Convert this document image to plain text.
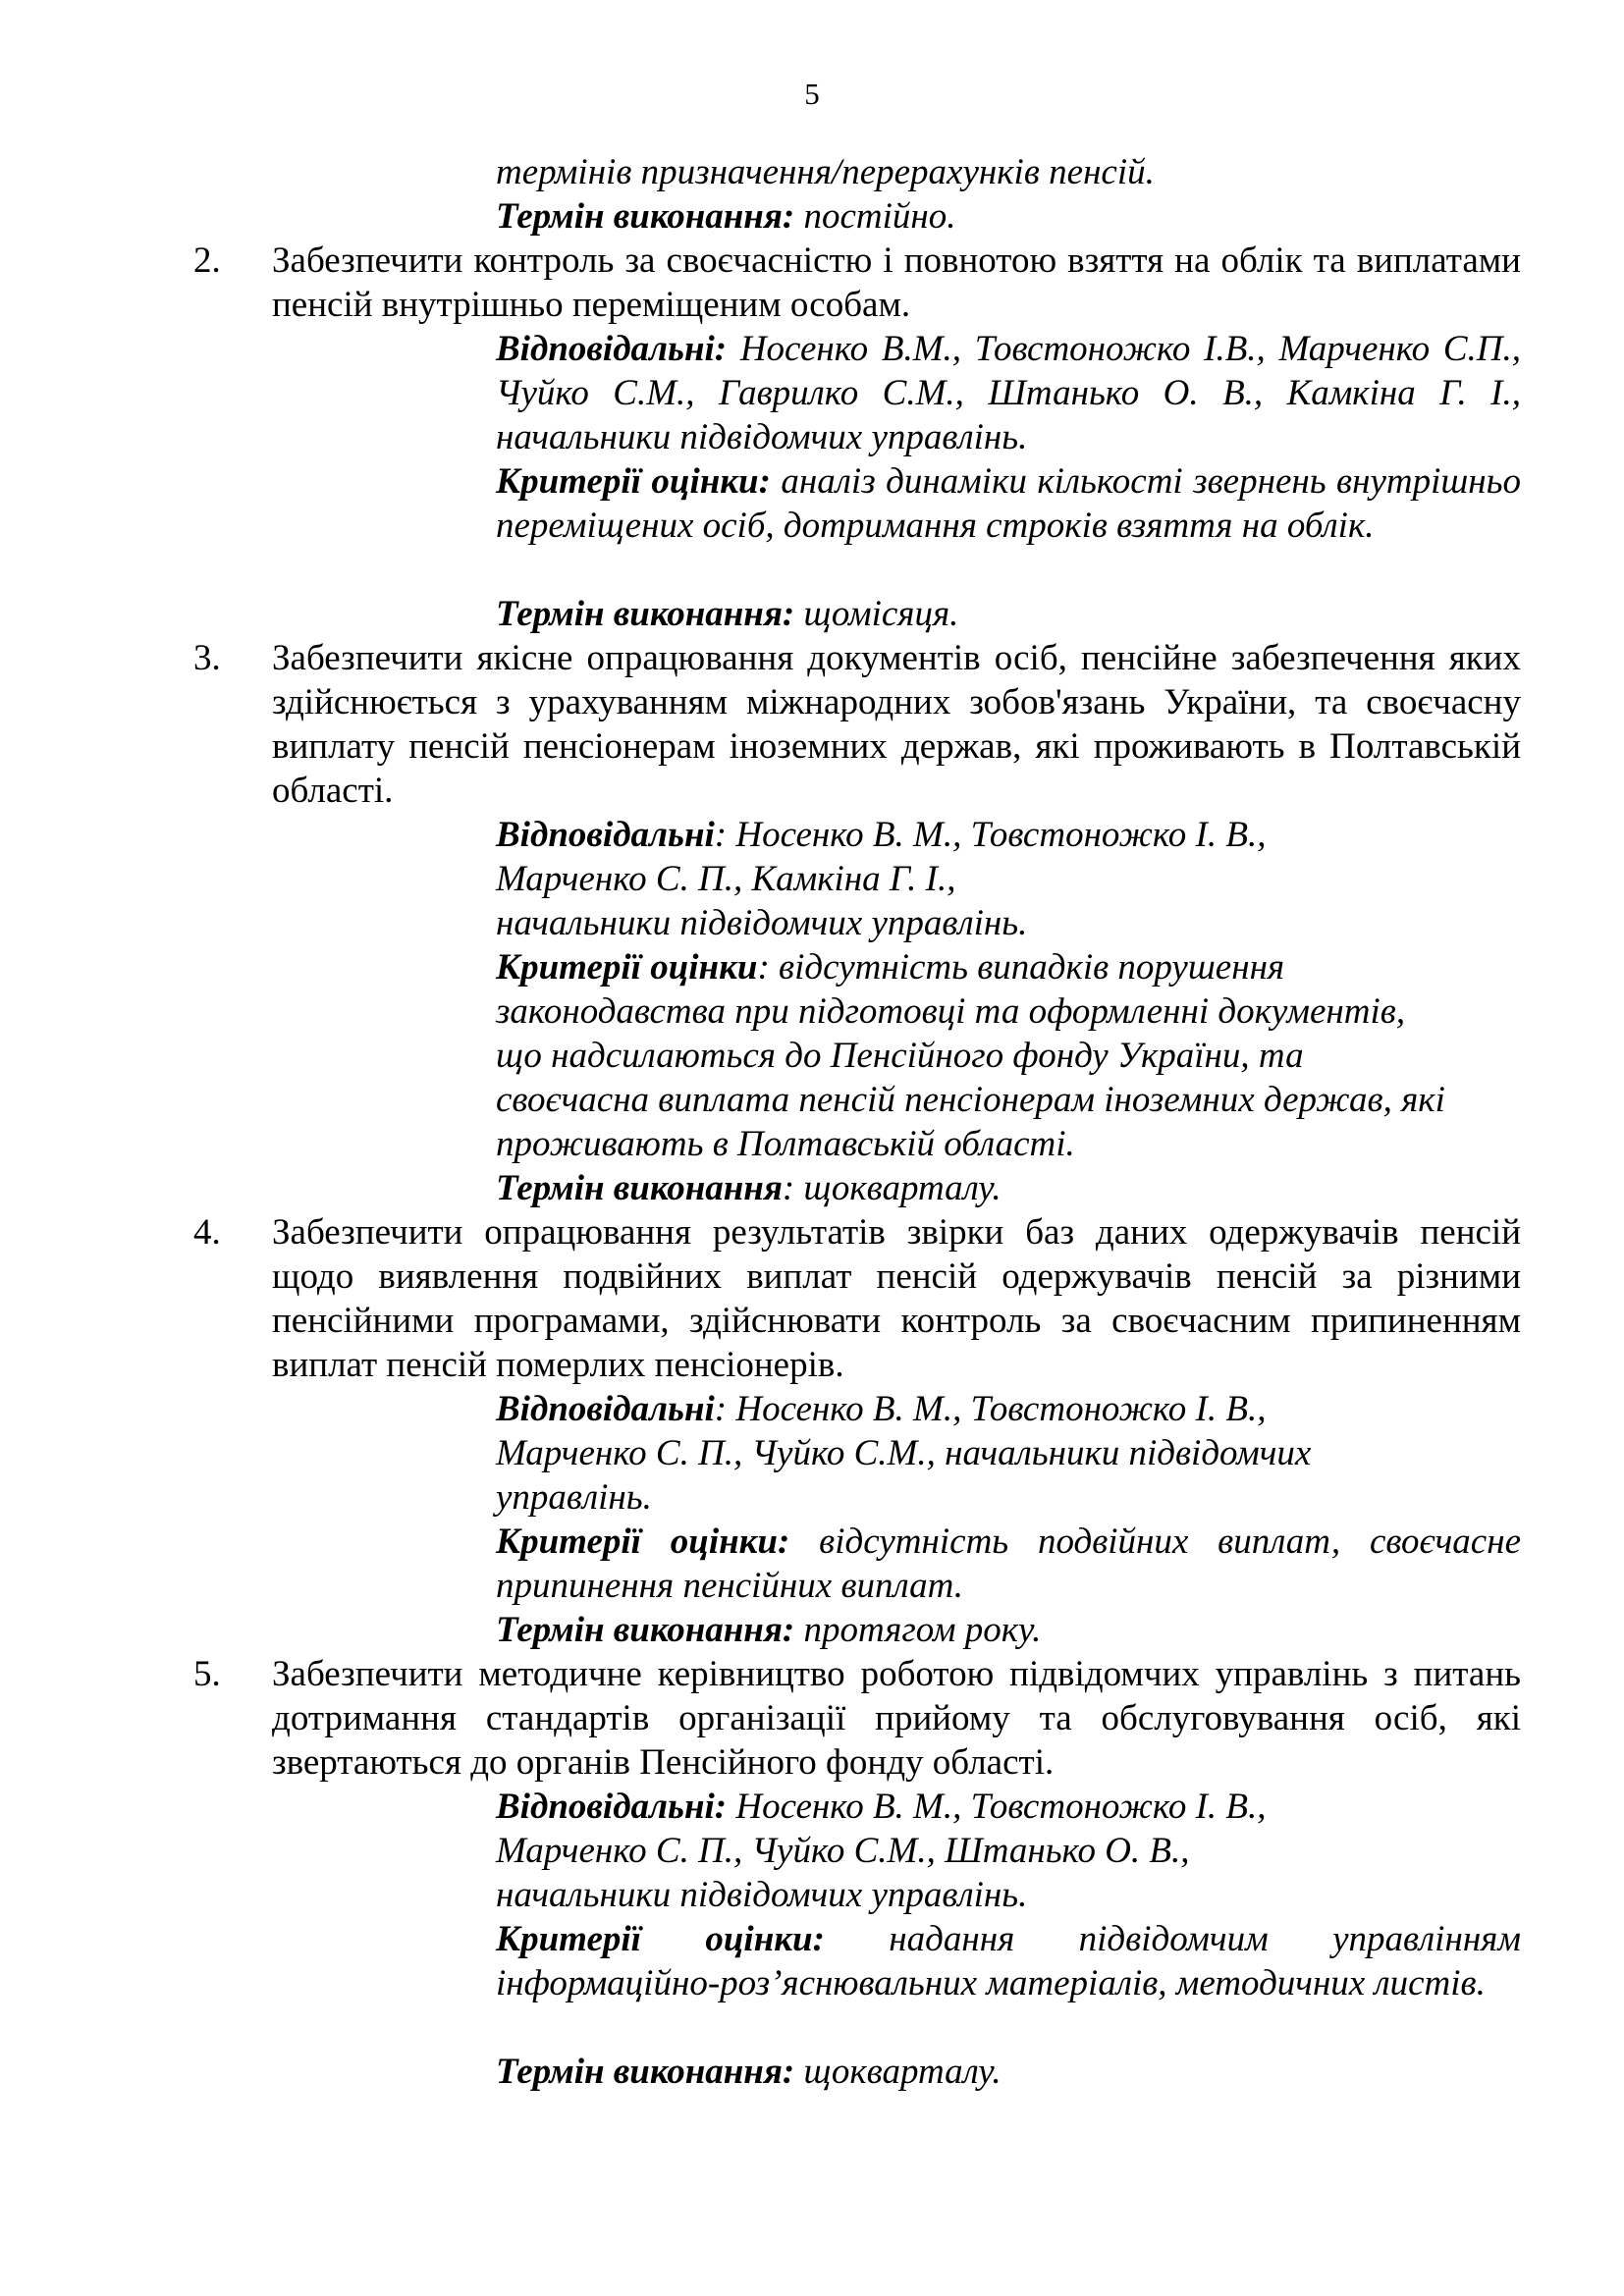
5
термінів призначення/перерахунків пенсій.
Термін виконання: постійно.
2. Забезпечити контроль за своєчасністю і повнотою взяття на облік та виплатами пенсій внутрішньо переміщеним особам.
Відповідальні: Носенко В.М., Товстоножко І.В., Марченко С.П., Чуйко С.М., Гаврилко С.М., Штанько О. В., Камкіна Г. І., начальники підвідомчих управлінь.
Критерії оцінки: аналіз динаміки кількості звернень внутрішньо переміщених осіб, дотримання строків взяття на облік.
Термін виконання: щомісяця.
3. Забезпечити якісне опрацювання документів осіб, пенсійне забезпечення яких здійснюється з урахуванням міжнародних зобов'язань України, та своєчасну виплату пенсій пенсіонерам іноземних держав, які проживають в Полтавській області.
Відповідальні: Носенко В. М., Товстоножко І. В.,
Марченко С. П., Камкіна Г. І.,
начальники підвідомчих управлінь.
Критерії оцінки: відсутність випадків порушення
законодавства при підготовці та оформленні документів,
що надсилаються до Пенсійного фонду України, та
своєчасна виплата пенсій пенсіонерам іноземних держав, які
проживають в Полтавській області.
Термін виконання: щокварталу.
4. Забезпечити опрацювання результатів звірки баз даних одержувачів пенсій щодо виявлення подвійних виплат пенсій одержувачів пенсій за різними пенсійними програмами, здійснювати контроль за своєчасним припиненням виплат пенсій померлих пенсіонерів.
Відповідальні: Носенко В. М., Товстоножко І. В.,
Марченко С. П., Чуйко С.М., начальники підвідомчих
управлінь.
Критерії оцінки: відсутність подвійних виплат, своєчасне припинення пенсійних виплат.
Термін виконання: протягом року.
5. Забезпечити методичне керівництво роботою підвідомчих управлінь з питань дотримання стандартів організації прийому та обслуговування осіб, які звертаються до органів Пенсійного фонду області.
Відповідальні: Носенко В. М., Товстоножко І. В.,
Марченко С. П., Чуйко С.М., Штанько О. В.,
начальники підвідомчих управлінь.
Критерії оцінки: надання підвідомчим управлінням інформаційно-роз’яснювальних матеріалів, методичних листів.
Термін виконання: щокварталу.
